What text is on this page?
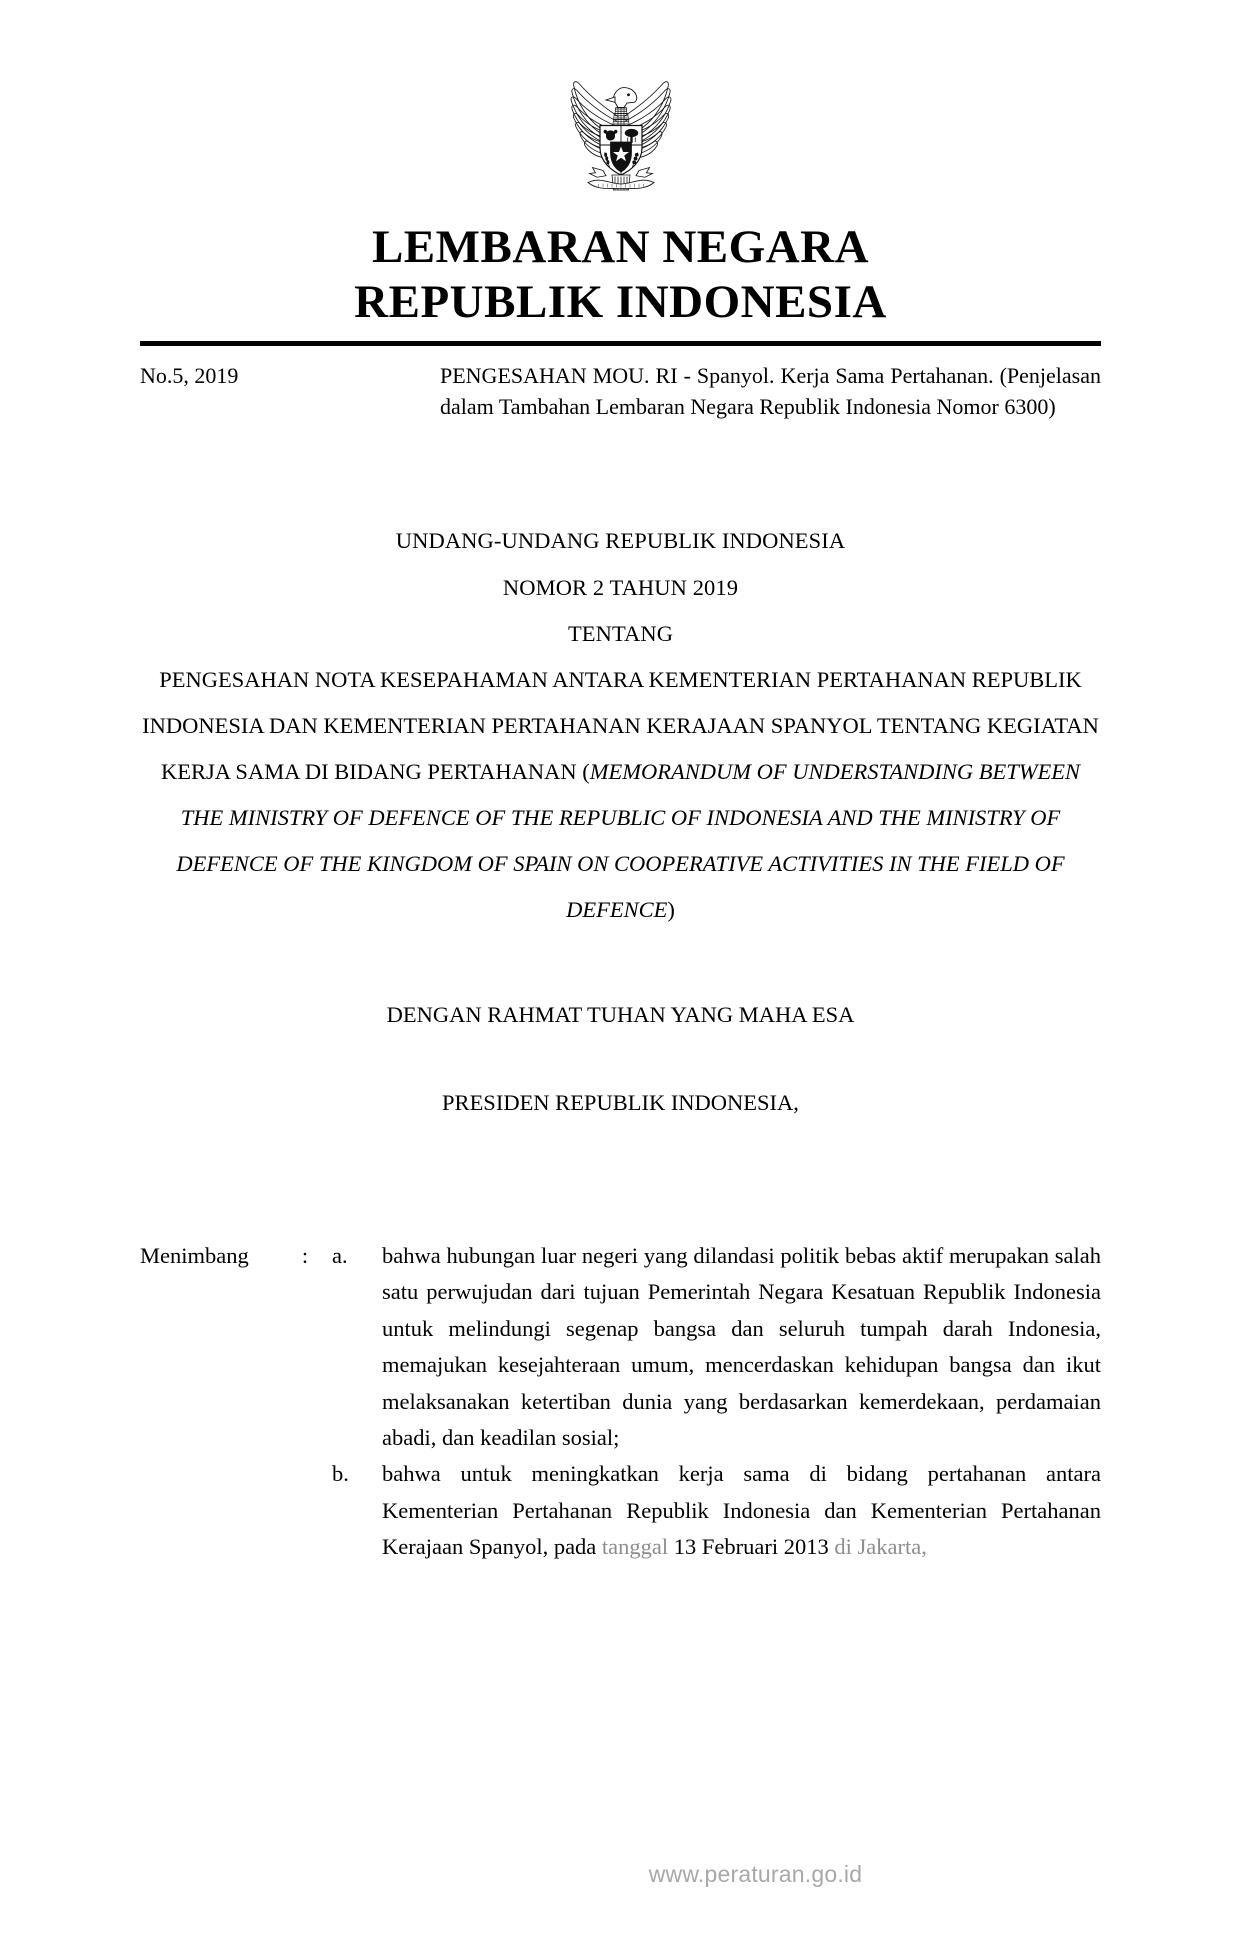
LEMBARAN NEGARA
REPUBLIK INDONESIA
No.5, 2019	PENGESAHAN MOU. RI - Spanyol. Kerja Sama Pertahanan. (Penjelasan dalam Tambahan Lembaran Negara Republik Indonesia Nomor 6300)
UNDANG-UNDANG REPUBLIK INDONESIA
NOMOR 2 TAHUN 2019
TENTANG
PENGESAHAN NOTA KESEPAHAMAN ANTARA KEMENTERIAN PERTAHANAN REPUBLIK INDONESIA DAN KEMENTERIAN PERTAHANAN KERAJAAN SPANYOL TENTANG KEGIATAN KERJA SAMA DI BIDANG PERTAHANAN (MEMORANDUM OF UNDERSTANDING BETWEEN THE MINISTRY OF DEFENCE OF THE REPUBLIC OF INDONESIA AND THE MINISTRY OF DEFENCE OF THE KINGDOM OF SPAIN ON COOPERATIVE ACTIVITIES IN THE FIELD OF DEFENCE)
DENGAN RAHMAT TUHAN YANG MAHA ESA
PRESIDEN REPUBLIK INDONESIA,
Menimbang	:	a.	bahwa hubungan luar negeri yang dilandasi politik bebas aktif merupakan salah satu perwujudan dari tujuan Pemerintah Negara Kesatuan Republik Indonesia untuk melindungi segenap bangsa dan seluruh tumpah darah Indonesia, memajukan kesejahteraan umum, mencerdaskan kehidupan bangsa dan ikut melaksanakan ketertiban dunia yang berdasarkan kemerdekaan, perdamaian abadi, dan keadilan sosial;
b.	bahwa untuk meningkatkan kerja sama di bidang pertahanan antara Kementerian Pertahanan Republik Indonesia dan Kementerian Pertahanan Kerajaan Spanyol, pada tanggal 13 Februari 2013 di Jakarta,
www.peraturan.go.id
